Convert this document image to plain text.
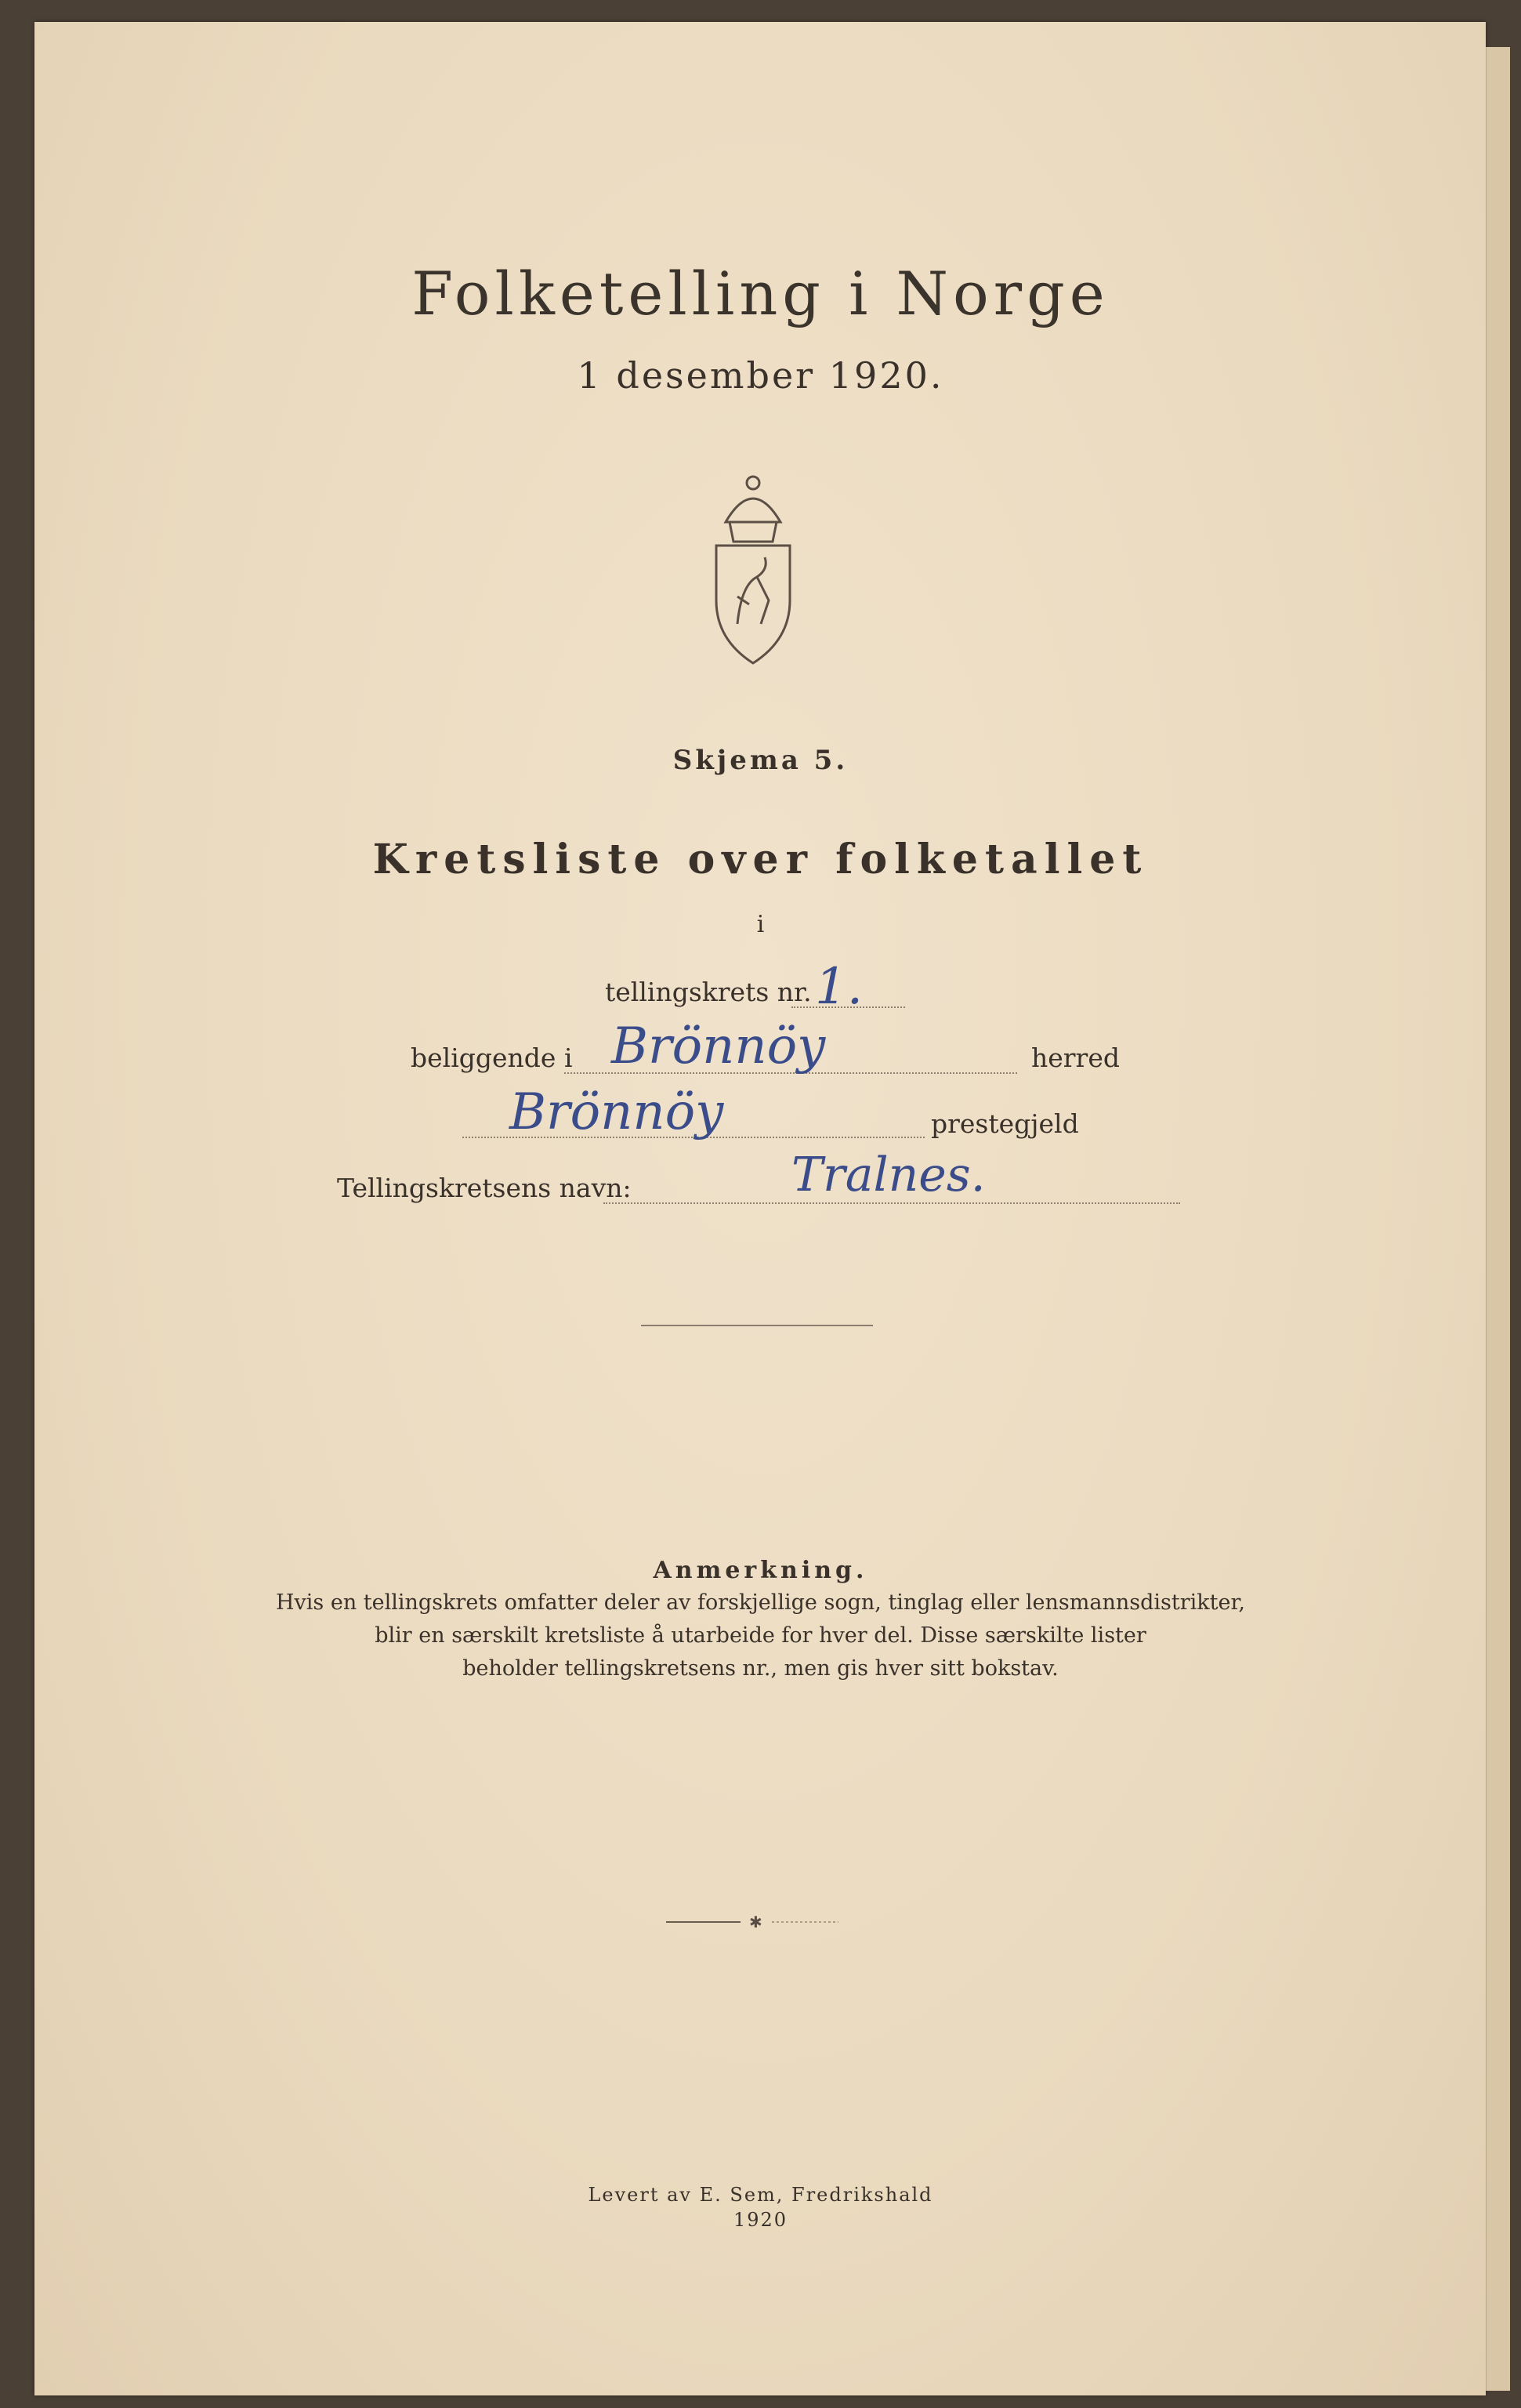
Folketelling i Norge
1 desember 1920.
Skjema 5.
Kretsliste over folketallet
i
tellingskrets nr. 1.
beliggende i Brönnöy	herred
Brönnöy	prestegjeld
Tellingskretsens navn:	Tralnes.
Anmerkning.
Hvis en tellingskrets omfatter deler av forskjellige sogn, tinglag eller lensmannsdistrikter,
blir en særskilt kretsliste å utarbeide for hver del. Disse særskilte lister
beholder tellingskretsens nr., men gis hver sitt bokstav.
✱
Levert av E. Sem, Fredrikshald
1920
